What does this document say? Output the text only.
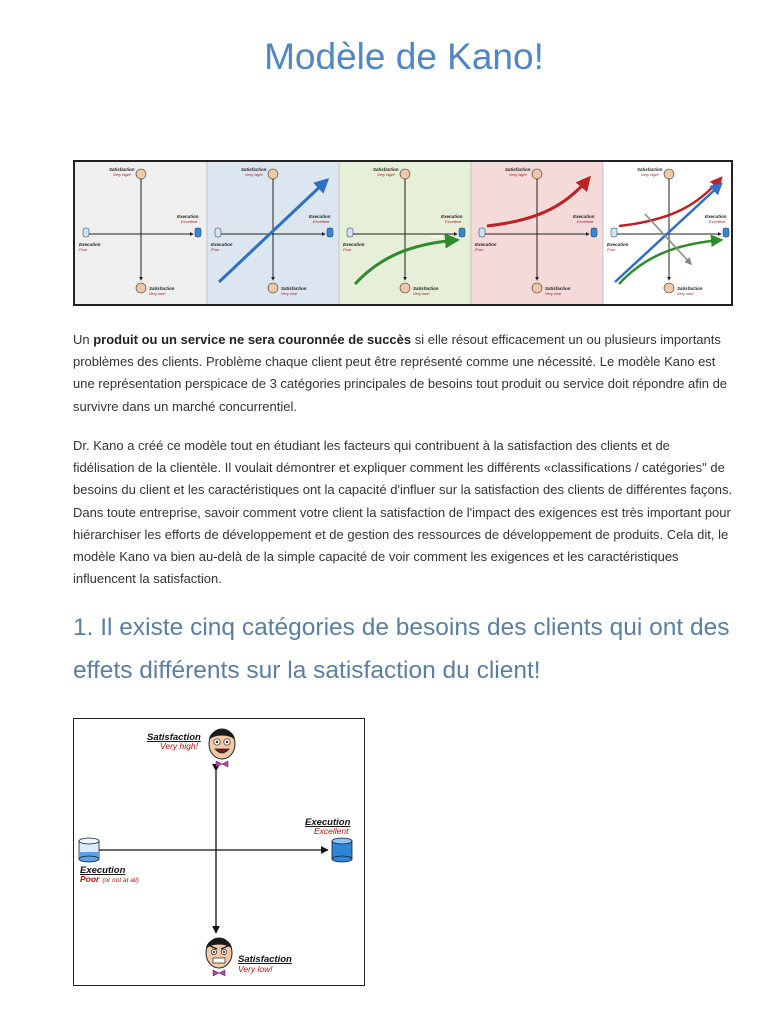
Modèle de Kano!
Basic

Un produit ou un service ne sera couronnée de succès si elle résout efficacement un ou plusieurs importants problèmes des clients. Problème chaque client peut être représenté comme une nécessité. Le modèle Kano est une représentation perspicace de 3 catégories principales de besoins tout produit ou service doit répondre afin de survivre dans un marché concurrentiel.

Dr. Kano a créé ce modèle tout en étudiant les facteurs qui contribuent à la satisfaction des clients et de fidélisation de la clientèle. Il voulait démontrer et expliquer comment les différents «classifications / catégories" de besoins du client et les caractéristiques ont la capacité d'influer sur la satisfaction des clients de différentes façons. Dans toute entreprise, savoir comment votre client la satisfaction de l'impact des exigences est très important pour hiérarchiser les efforts de développement et de gestion des ressources de développement de produits. Cela dit, le modèle Kano va bien au-delà de la simple capacité de voir comment les exigences et les caractéristiques influencent la satisfaction.

1. Il existe cinq catégories de besoins des clients qui ont des effets différents sur la satisfaction du client!
Satisfaction
Very high!
Execution
Excellent
Execution
Poor (or not at all)
Satisfaction
Very low!
